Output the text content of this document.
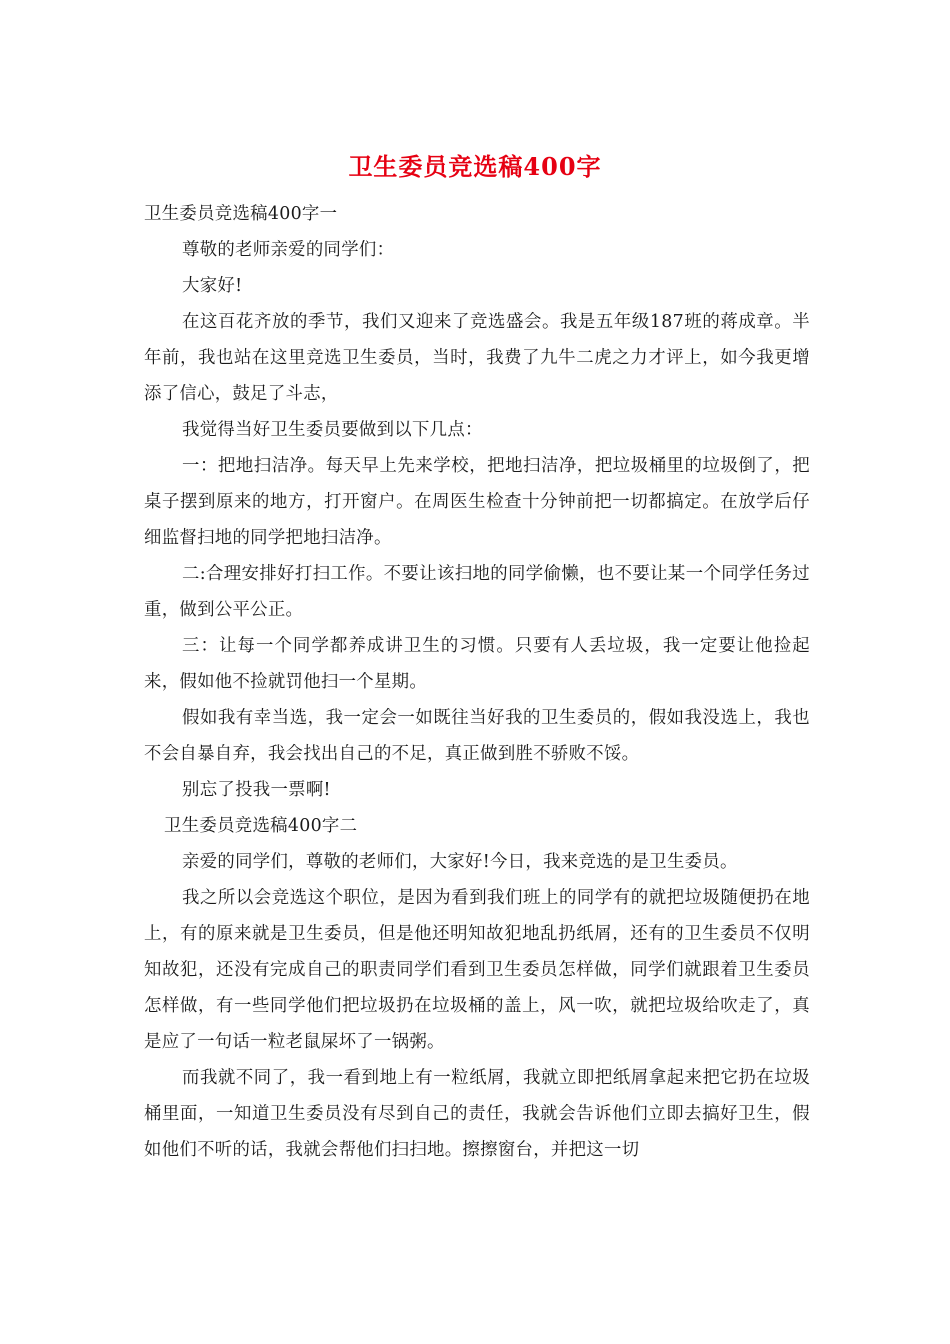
卫生委员竞选稿400字

卫生委员竞选稿400字一

尊敬的老师亲爱的同学们：

大家好!

在这百花齐放的季节，我们又迎来了竞选盛会。我是五年级187班的蒋成章。半年前，我也站在这里竞选卫生委员，当时，我费了九牛二虎之力才评上，如今我更增添了信心，鼓足了斗志，

我觉得当好卫生委员要做到以下几点：

一：把地扫洁净。每天早上先来学校，把地扫洁净，把垃圾桶里的垃圾倒了，把桌子摆到原来的地方，打开窗户。在周医生检查十分钟前把一切都搞定。在放学后仔细监督扫地的同学把地扫洁净。

二:合理安排好打扫工作。不要让该扫地的同学偷懒，也不要让某一个同学任务过重，做到公平公正。

三：让每一个同学都养成讲卫生的习惯。只要有人丢垃圾，我一定要让他捡起来，假如他不捡就罚他扫一个星期。

假如我有幸当选，我一定会一如既往当好我的卫生委员的，假如我没选上，我也不会自暴自弃，我会找出自己的不足，真正做到胜不骄败不馁。

别忘了投我一票啊!

卫生委员竞选稿400字二

亲爱的同学们，尊敬的老师们，大家好!今日，我来竞选的是卫生委员。

我之所以会竞选这个职位，是因为看到我们班上的同学有的就把垃圾随便扔在地上，有的原来就是卫生委员，但是他还明知故犯地乱扔纸屑，还有的卫生委员不仅明知故犯，还没有完成自己的职责同学们看到卫生委员怎样做，同学们就跟着卫生委员怎样做，有一些同学他们把垃圾扔在垃圾桶的盖上，风一吹，就把垃圾给吹走了，真是应了一句话一粒老鼠屎坏了一锅粥。

而我就不同了，我一看到地上有一粒纸屑，我就立即把纸屑拿起来把它扔在垃圾桶里面，一知道卫生委员没有尽到自己的责任，我就会告诉他们立即去搞好卫生，假如他们不听的话，我就会帮他们扫扫地。擦擦窗台，并把这一切
